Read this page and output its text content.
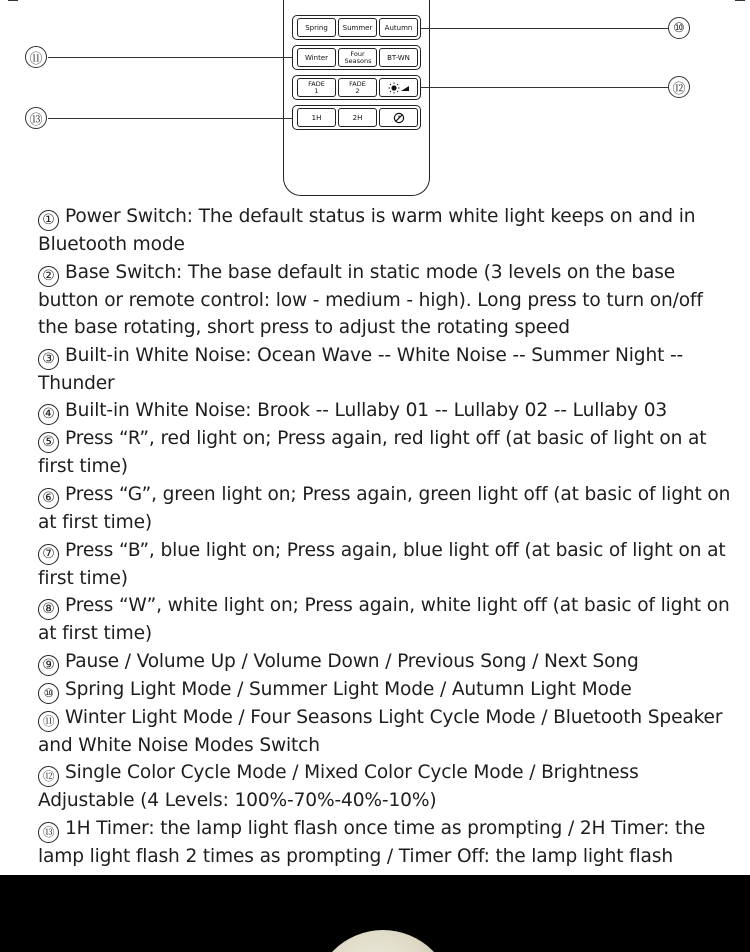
Spring Summer Autumn
Winter	Four Seasons BT-WN
FADE 1
FADE 2
1H	2H
⑩
⑪
⑫
⑬

① Power Switch: The default status is warm white light keeps on and in Bluetooth mode

② Base Switch: The base default in static mode (3 levels on the base button or remote control: low - medium - high). Long press to turn on/off the base rotating, short press to adjust the rotating speed

③ Built-in White Noise: Ocean Wave -- White Noise -- Summer Night -- Thunder

④ Built-in White Noise: Brook -- Lullaby 01 -- Lullaby 02 -- Lullaby 03

⑤ Press “R”, red light on; Press again, red light off (at basic of light on at first time)

⑥ Press “G”, green light on; Press again, green light off (at basic of light on at first time)

⑦ Press “B”, blue light on; Press again, blue light off (at basic of light on at first time)

⑧ Press “W”, white light on; Press again, white light off (at basic of light on at first time)

⑨ Pause / Volume Up / Volume Down / Previous Song / Next Song

⑩ Spring Light Mode / Summer Light Mode / Autumn Light Mode

⑪ Winter Light Mode / Four Seasons Light Cycle Mode / Bluetooth Speaker and White Noise Modes Switch

⑫ Single Color Cycle Mode / Mixed Color Cycle Mode / Brightness Adjustable (4 Levels: 100%-70%-40%-10%)

⑬ 1H Timer: the lamp light flash once time as prompting / 2H Timer: the lamp light flash 2 times as prompting / Timer Off: the lamp light flash
